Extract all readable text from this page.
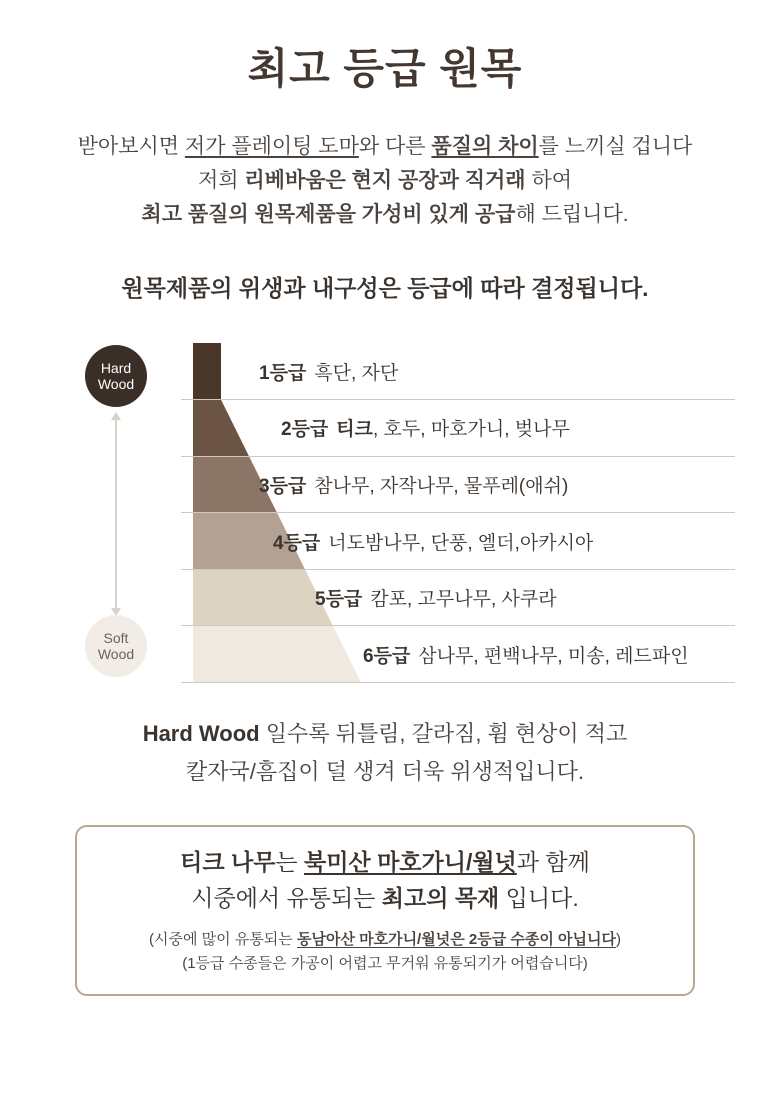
최고 등급 원목
받아보시면 저가 플레이팅 도마와 다른 품질의 차이를 느끼실 겁니다
저희 리베바움은 현지 공장과 직거래 하여
최고 품질의 원목제품을 가성비 있게 공급해 드립니다.
원목제품의 위생과 내구성은 등급에 따라 결정됩니다.
Hard
Wood
Soft
Wood
1등급 흑단, 자단
2등급 티크, 호두, 마호가니, 벚나무
3등급 참나무, 자작나무, 물푸레(애쉬)
4등급 너도밤나무, 단풍, 엘더,아카시아
5등급 캄포, 고무나무, 사쿠라
6등급 삼나무, 편백나무, 미송, 레드파인
Hard Wood 일수록 뒤틀림, 갈라짐, 휨 현상이 적고
칼자국/흠집이 덜 생겨 더욱 위생적입니다.
티크 나무는 북미산 마호가니/월넛과 함께
시중에서 유통되는 최고의 목재 입니다.
(시중에 많이 유통되는 동남아산 마호가니/월넛은 2등급 수종이 아닙니다)
(1등급 수종들은 가공이 어렵고 무거워 유통되기가 어렵습니다)
